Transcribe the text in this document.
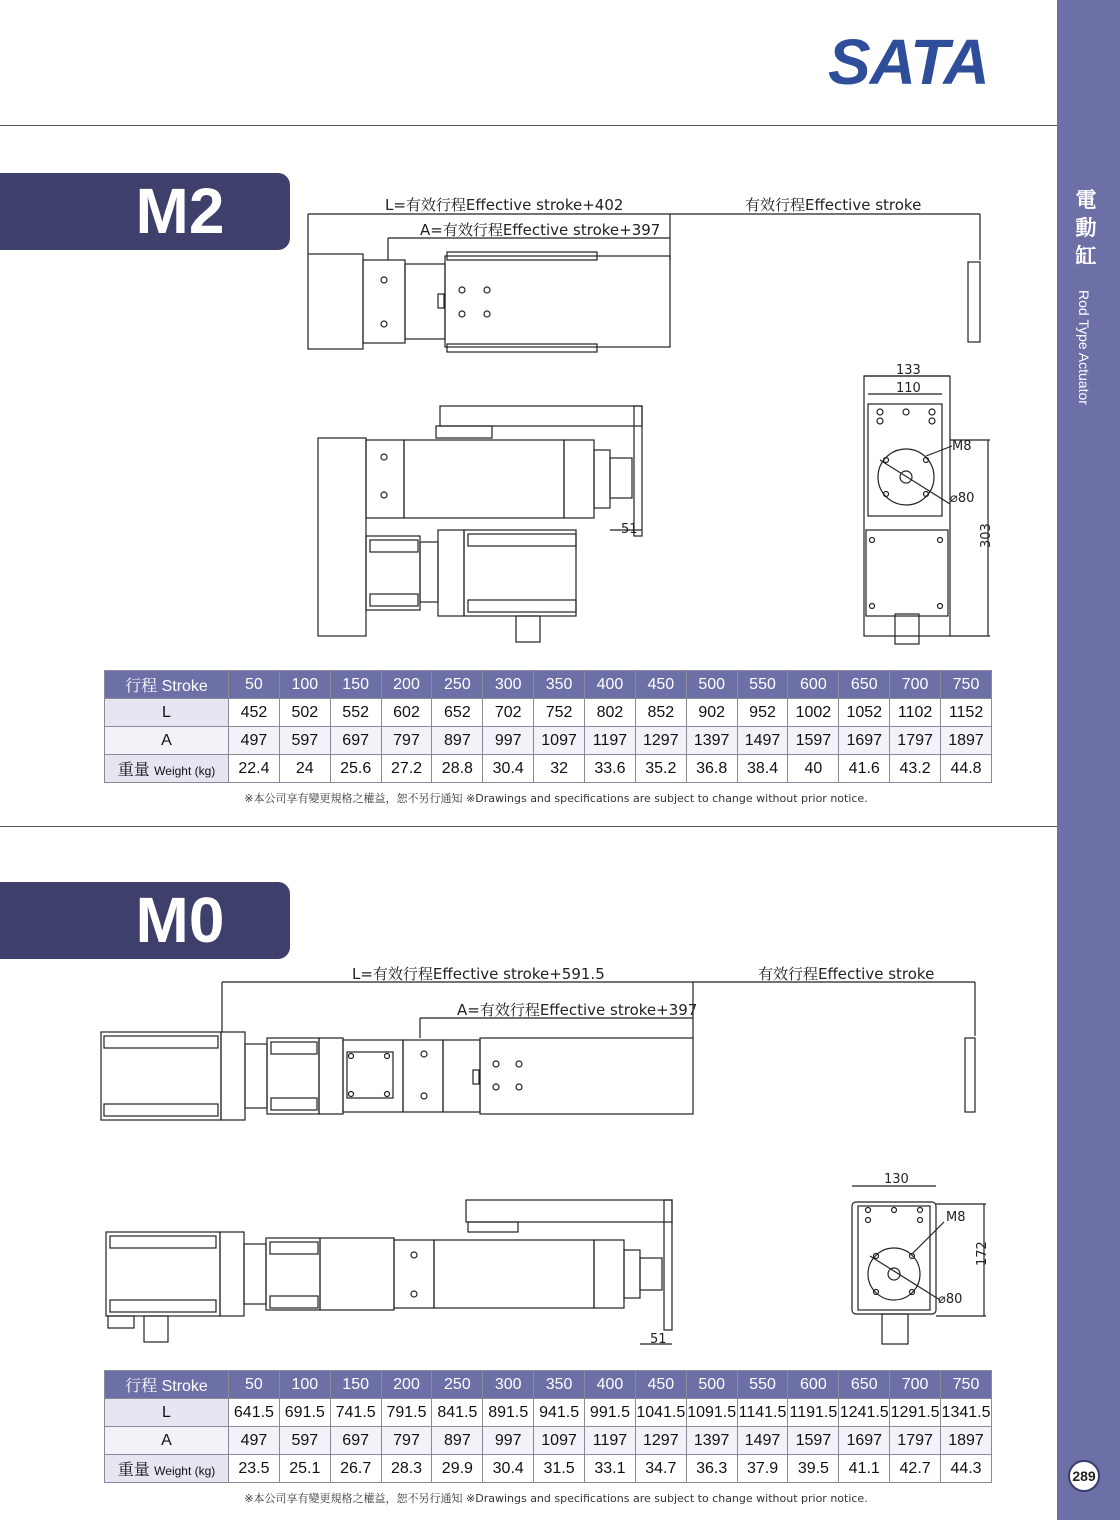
電動缸
Rod Type Actuator
289
SATA
M2	L=有效行程Effective stroke+402
A=有效行程Effective stroke+397
有效行程Effective stroke
51
133
110
M8
⌀80
303
行程 Stroke	50	100	150	200	250	300	350	400	450	500	550	600	650	700	750
L	452	502	552	602	652	702	752	802	852	902	952	1002	1052	1102	1152
A	497	597	697	797	897	997	1097	1197	1297	1397	1497	1597	1697	1797	1897
重量 Weight (kg)	22.4	24	25.6	27.2	28.8	30.4	32	33.6	35.2	36.8	38.4	40	41.6	43.2	44.8
※本公司享有變更規格之權益，恕不另行通知 ※Drawings and specifications are subject to change without prior notice.
M0
L=有效行程Effective stroke+591.5
A=有效行程Effective stroke+397
有效行程Effective stroke
51
130
M8
⌀80
172
行程 Stroke	50	100	150	200	250	300	350	400	450	500	550	600	650	700	750
L	641.5	691.5	741.5	791.5	841.5	891.5	941.5	991.5	1041.5	1091.5	1141.5	1191.5	1241.5	1291.5	1341.5
A	497	597	697	797	897	997	1097	1197	1297	1397	1497	1597	1697	1797	1897
重量 Weight (kg)	23.5	25.1	26.7	28.3	29.9	30.4	31.5	33.1	34.7	36.3	37.9	39.5	41.1	42.7	44.3
※本公司享有變更規格之權益，恕不另行通知 ※Drawings and specifications are subject to change without prior notice.
